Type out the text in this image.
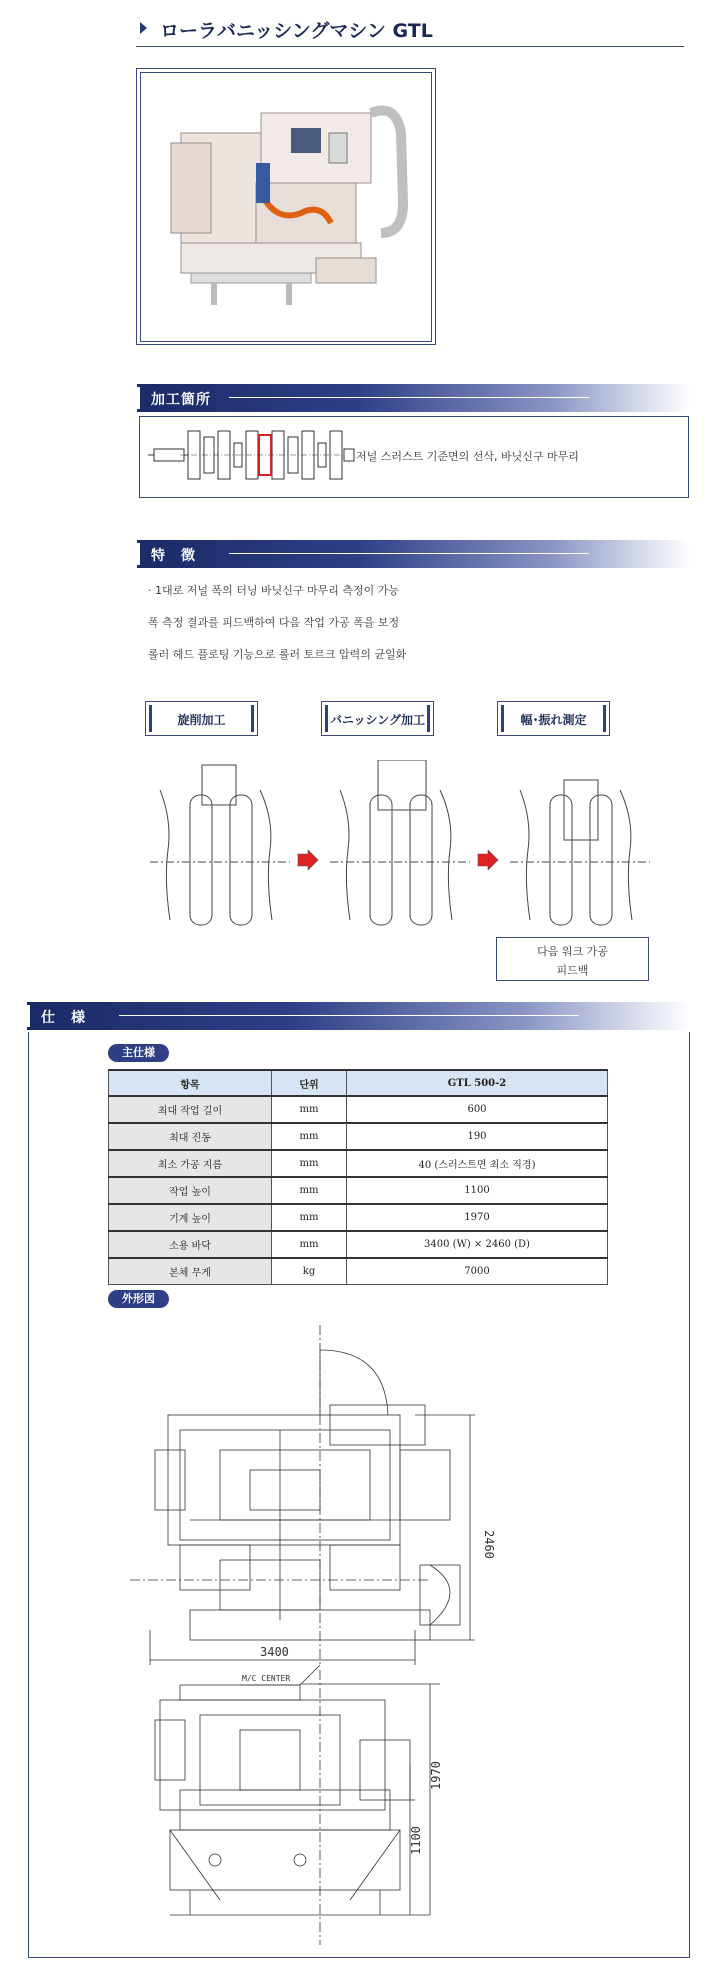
ローラバニッシングマシン GTL
加工箇所
저널 스러스트 기준면의 선삭, 바닛신구 마무리
特　徴
· 1대로 저널 폭의 터닝 바닛신구 마무리 측정이 가능
폭 측정 결과를 피드백하여 다음 작업 가공 폭을 보정
롤러 헤드 플로팅 기능으로 롤러 토르크 압력의 균일화
旋削加工	バニッシング加工	幅･振れ測定
다음 워크 가공
피드백
仕　様
主仕様
항목	단위	GTL 500-2
최대 작업 길이	mm	600
최대 진동	mm	190
최소 가공 지름	mm	40 (스러스트면 최소 직경)
작업 높이	mm	1100
기계 높이	mm	1970
소용 바닥	mm	3400 (W) × 2460 (D)
본체 무게	kg	7000
外形図
2460
3400
M/C CENTER
1970
1100
